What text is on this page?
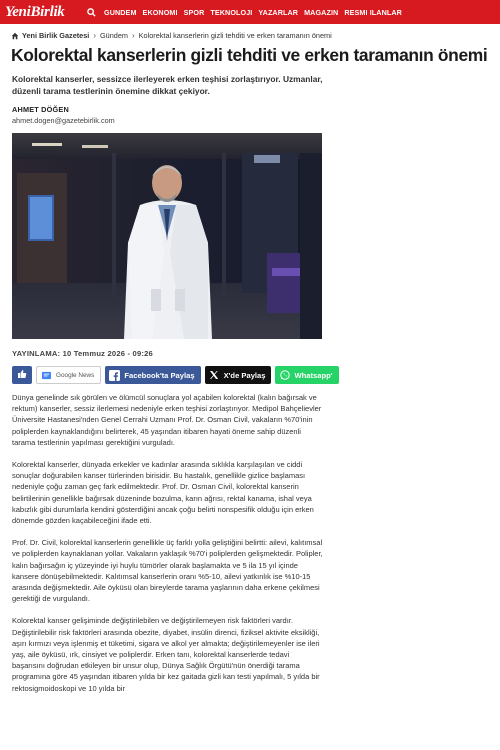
YeniBirlik	GUNDEM EKONOMI SPOR TEKNOLOJI YAZARLAR MAGAZIN RESMI ILANLAR
Yeni Birlik Gazetesi › Gündem › Kolorektal kanserlerin gizli tehditi ve erken taramanın önemi
Kolorektal kanserlerin gizli tehditi ve erken taramanın önemi
Kolorektal kanserler, sessizce ilerleyerek erken teşhisi zorlaştırıyor. Uzmanlar, düzenli tarama testlerinin önemine dikkat çekiyor.
AHMET DÖĞEN
ahmet.dogen@gazetebirlik.com
YAYINLAMA: 10 Temmuz 2026 - 09:26
Google News	Facebook'ta Paylaş	X'de Paylaş	Whatsapp'

Dünya genelinde sık görülen ve ölümcül sonuçlara yol açabilen kolorektal (kalın bağırsak ve rektum) kanserler, sessiz ilerlemesi nedeniyle erken teşhisi zorlaştırıyor. Medipol Bahçelievler Üniversite Hastanesi'nden Genel Cerrahi Uzmanı Prof. Dr. Osman Civil, vakaların %70'inin poliplerden kaynaklandığını belirterek, 45 yaşından itibaren hayati öneme sahip düzenli tarama testlerinin yapılması gerektiğini vurguladı.

Kolorektal kanserler, dünyada erkekler ve kadınlar arasında sıklıkla karşılaşılan ve ciddi sonuçlar doğurabilen kanser türlerinden birisidir. Bu hastalık, genellikle gizlice başlaması nedeniyle çoğu zaman geç fark edilmektedir. Prof. Dr. Osman Civil, kolorektal kanserin belirtilerinin genellikle bağırsak düzeninde bozulma, karın ağrısı, rektal kanama, ishal veya kabızlık gibi durumlarla kendini gösterdiğini ancak çoğu belirti nonspesifik olduğu için erken dönemde gözden kaçabileceğini ifade etti.

Prof. Dr. Civil, kolorektal kanserlerin genellikle üç farklı yolla geliştiğini belirtti: ailevi, kalıtımsal ve poliplerden kaynaklanan yollar. Vakaların yaklaşık %70'i poliplerden gelişmektedir. Polipler, kalın bağırsağın iç yüzeyinde iyi huylu tümörler olarak başlamakta ve 5 ila 15 yıl içinde kansere dönüşebilmektedir. Kalıtımsal kanserlerin oranı %5-10, ailevi yatkınlık ise %10-15 arasında değişmektedir. Aile öyküsü olan bireylerde tarama yaşlarının daha erkene çekilmesi gerektiği de vurgulandı.

Kolorektal kanser gelişiminde değiştirilebilen ve değiştirilemeyen risk faktörleri vardır. Değiştirilebilir risk faktörleri arasında obezite, diyabet, insülin direnci, fiziksel aktivite eksikliği, aşırı kırmızı veya işlenmiş et tüketimi, sigara ve alkol yer almakta; değiştirilemeyenler ise ileri yaş, aile öyküsü, ırk, cinsiyet ve poliplerdir. Erken tanı, kolorektal kanserlerde tedavi başarısını doğrudan etkileyen bir unsur olup, Dünya Sağlık Örgütü'nün önerdiği tarama programına göre 45 yaşından itibaren yılda bir kez gaitada gizli kan testi yapılmalı, 5 yılda bir rektosigmoidoskopi ve 10 yılda bir
